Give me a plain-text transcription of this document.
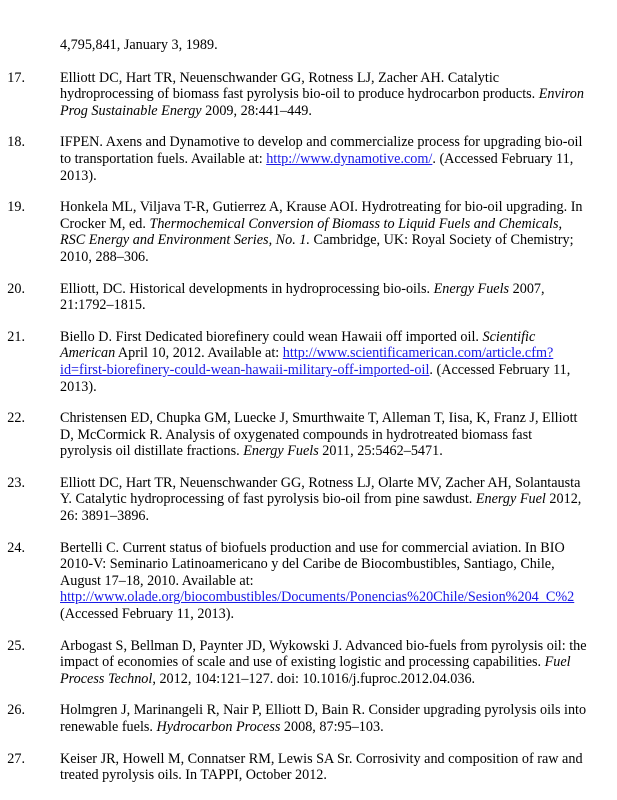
4,795,841, January 3, 1989.
17. Elliott DC, Hart TR, Neuenschwander GG, Rotness LJ, Zacher AH. Catalytic hydroprocessing of biomass fast pyrolysis bio-oil to produce hydrocarbon products. Environ Prog Sustainable Energy 2009, 28:441–449.
18. IFPEN. Axens and Dynamotive to develop and commercialize process for upgrading bio-oil to transportation fuels. Available at: http://www.dynamotive.com/. (Accessed February 11, 2013).
19. Honkela ML, Viljava T-R, Gutierrez A, Krause AOI. Hydrotreating for bio-oil upgrading. In Crocker M, ed. Thermochemical Conversion of Biomass to Liquid Fuels and Chemicals, RSC Energy and Environment Series, No. 1. Cambridge, UK: Royal Society of Chemistry; 2010, 288–306.
20. Elliott, DC. Historical developments in hydroprocessing bio-oils. Energy Fuels 2007, 21:1792–1815.
21. Biello D. First Dedicated biorefinery could wean Hawaii off imported oil. Scientific American April 10, 2012. Available at: http://www.scientificamerican.com/article.cfm?id=first-biorefinery-could-wean-hawaii-military-off-imported-oil. (Accessed February 11, 2013).
22. Christensen ED, Chupka GM, Luecke J, Smurthwaite T, Alleman T, Iisa, K, Franz J, Elliott D, McCormick R. Analysis of oxygenated compounds in hydrotreated biomass fast pyrolysis oil distillate fractions. Energy Fuels 2011, 25:5462–5471.
23. Elliott DC, Hart TR, Neuenschwander GG, Rotness LJ, Olarte MV, Zacher AH, Solantausta Y. Catalytic hydroprocessing of fast pyrolysis bio-oil from pine sawdust. Energy Fuel 2012, 26: 3891–3896.
24. Bertelli C. Current status of biofuels production and use for commercial aviation. In BIO 2010-V: Seminario Latinoamericano y del Caribe de Biocombustibles, Santiago, Chile, August 17–18, 2010. Available at: http://www.olade.org/biocombustibles/Documents/Ponencias%20Chile/Sesion%204_C%2 (Accessed February 11, 2013).
25. Arbogast S, Bellman D, Paynter JD, Wykowski J. Advanced bio-fuels from pyrolysis oil: the impact of economies of scale and use of existing logistic and processing capabilities. Fuel Process Technol, 2012, 104:121–127. doi: 10.1016/j.fuproc.2012.04.036.
26. Holmgren J, Marinangeli R, Nair P, Elliott D, Bain R. Consider upgrading pyrolysis oils into renewable fuels. Hydrocarbon Process 2008, 87:95–103.
27. Keiser JR, Howell M, Connatser RM, Lewis SA Sr. Corrosivity and composition of raw and treated pyrolysis oils. In TAPPI, October 2012.
